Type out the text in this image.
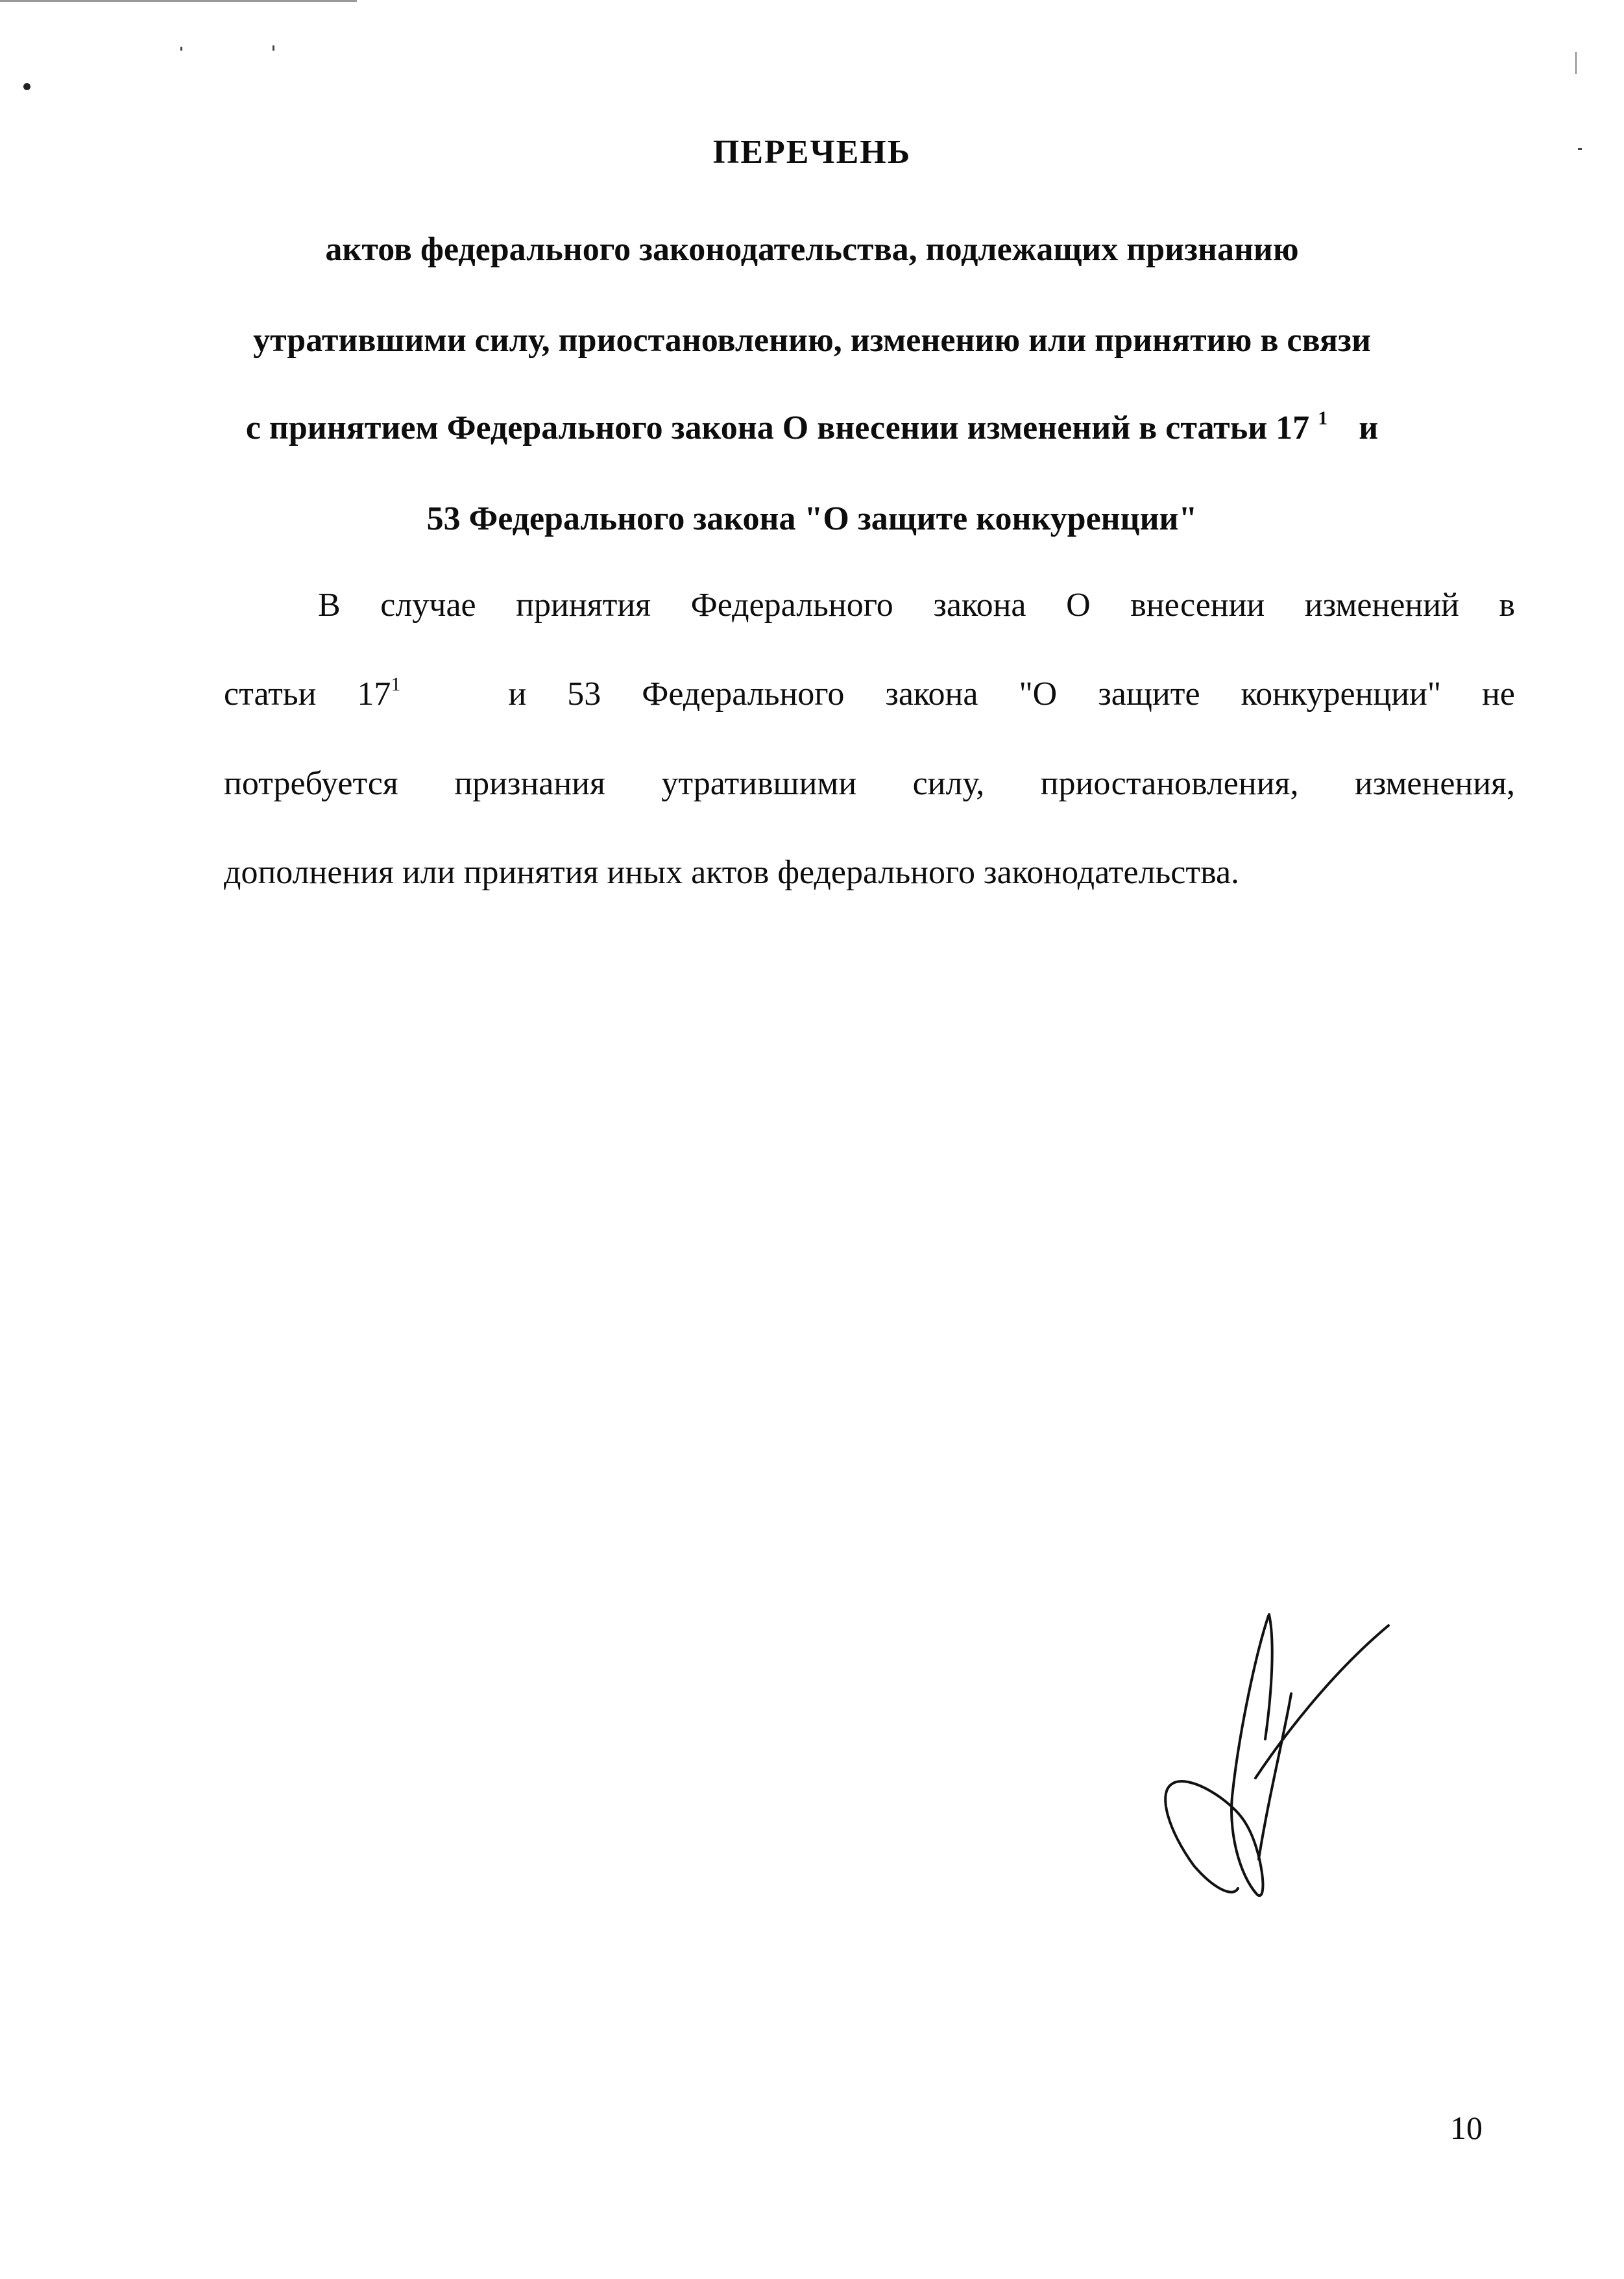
ПЕРЕЧЕНЬ
актов федерального законодательства, подлежащих признанию
утратившими силу, приостановлению, изменению или принятию в связи
с принятием Федерального закона О внесении изменений в статьи 17 $^1$ и
53 Федерального закона "О защите конкуренции"
В случае принятия Федерального закона О внесении изменений в
статьи $17^1$	и 53 Федерального закона "О защите конкуренции" не
потребуется признания утратившими силу, приостановления, изменения,
дополнения или принятия иных актов федерального законодательства.
10
